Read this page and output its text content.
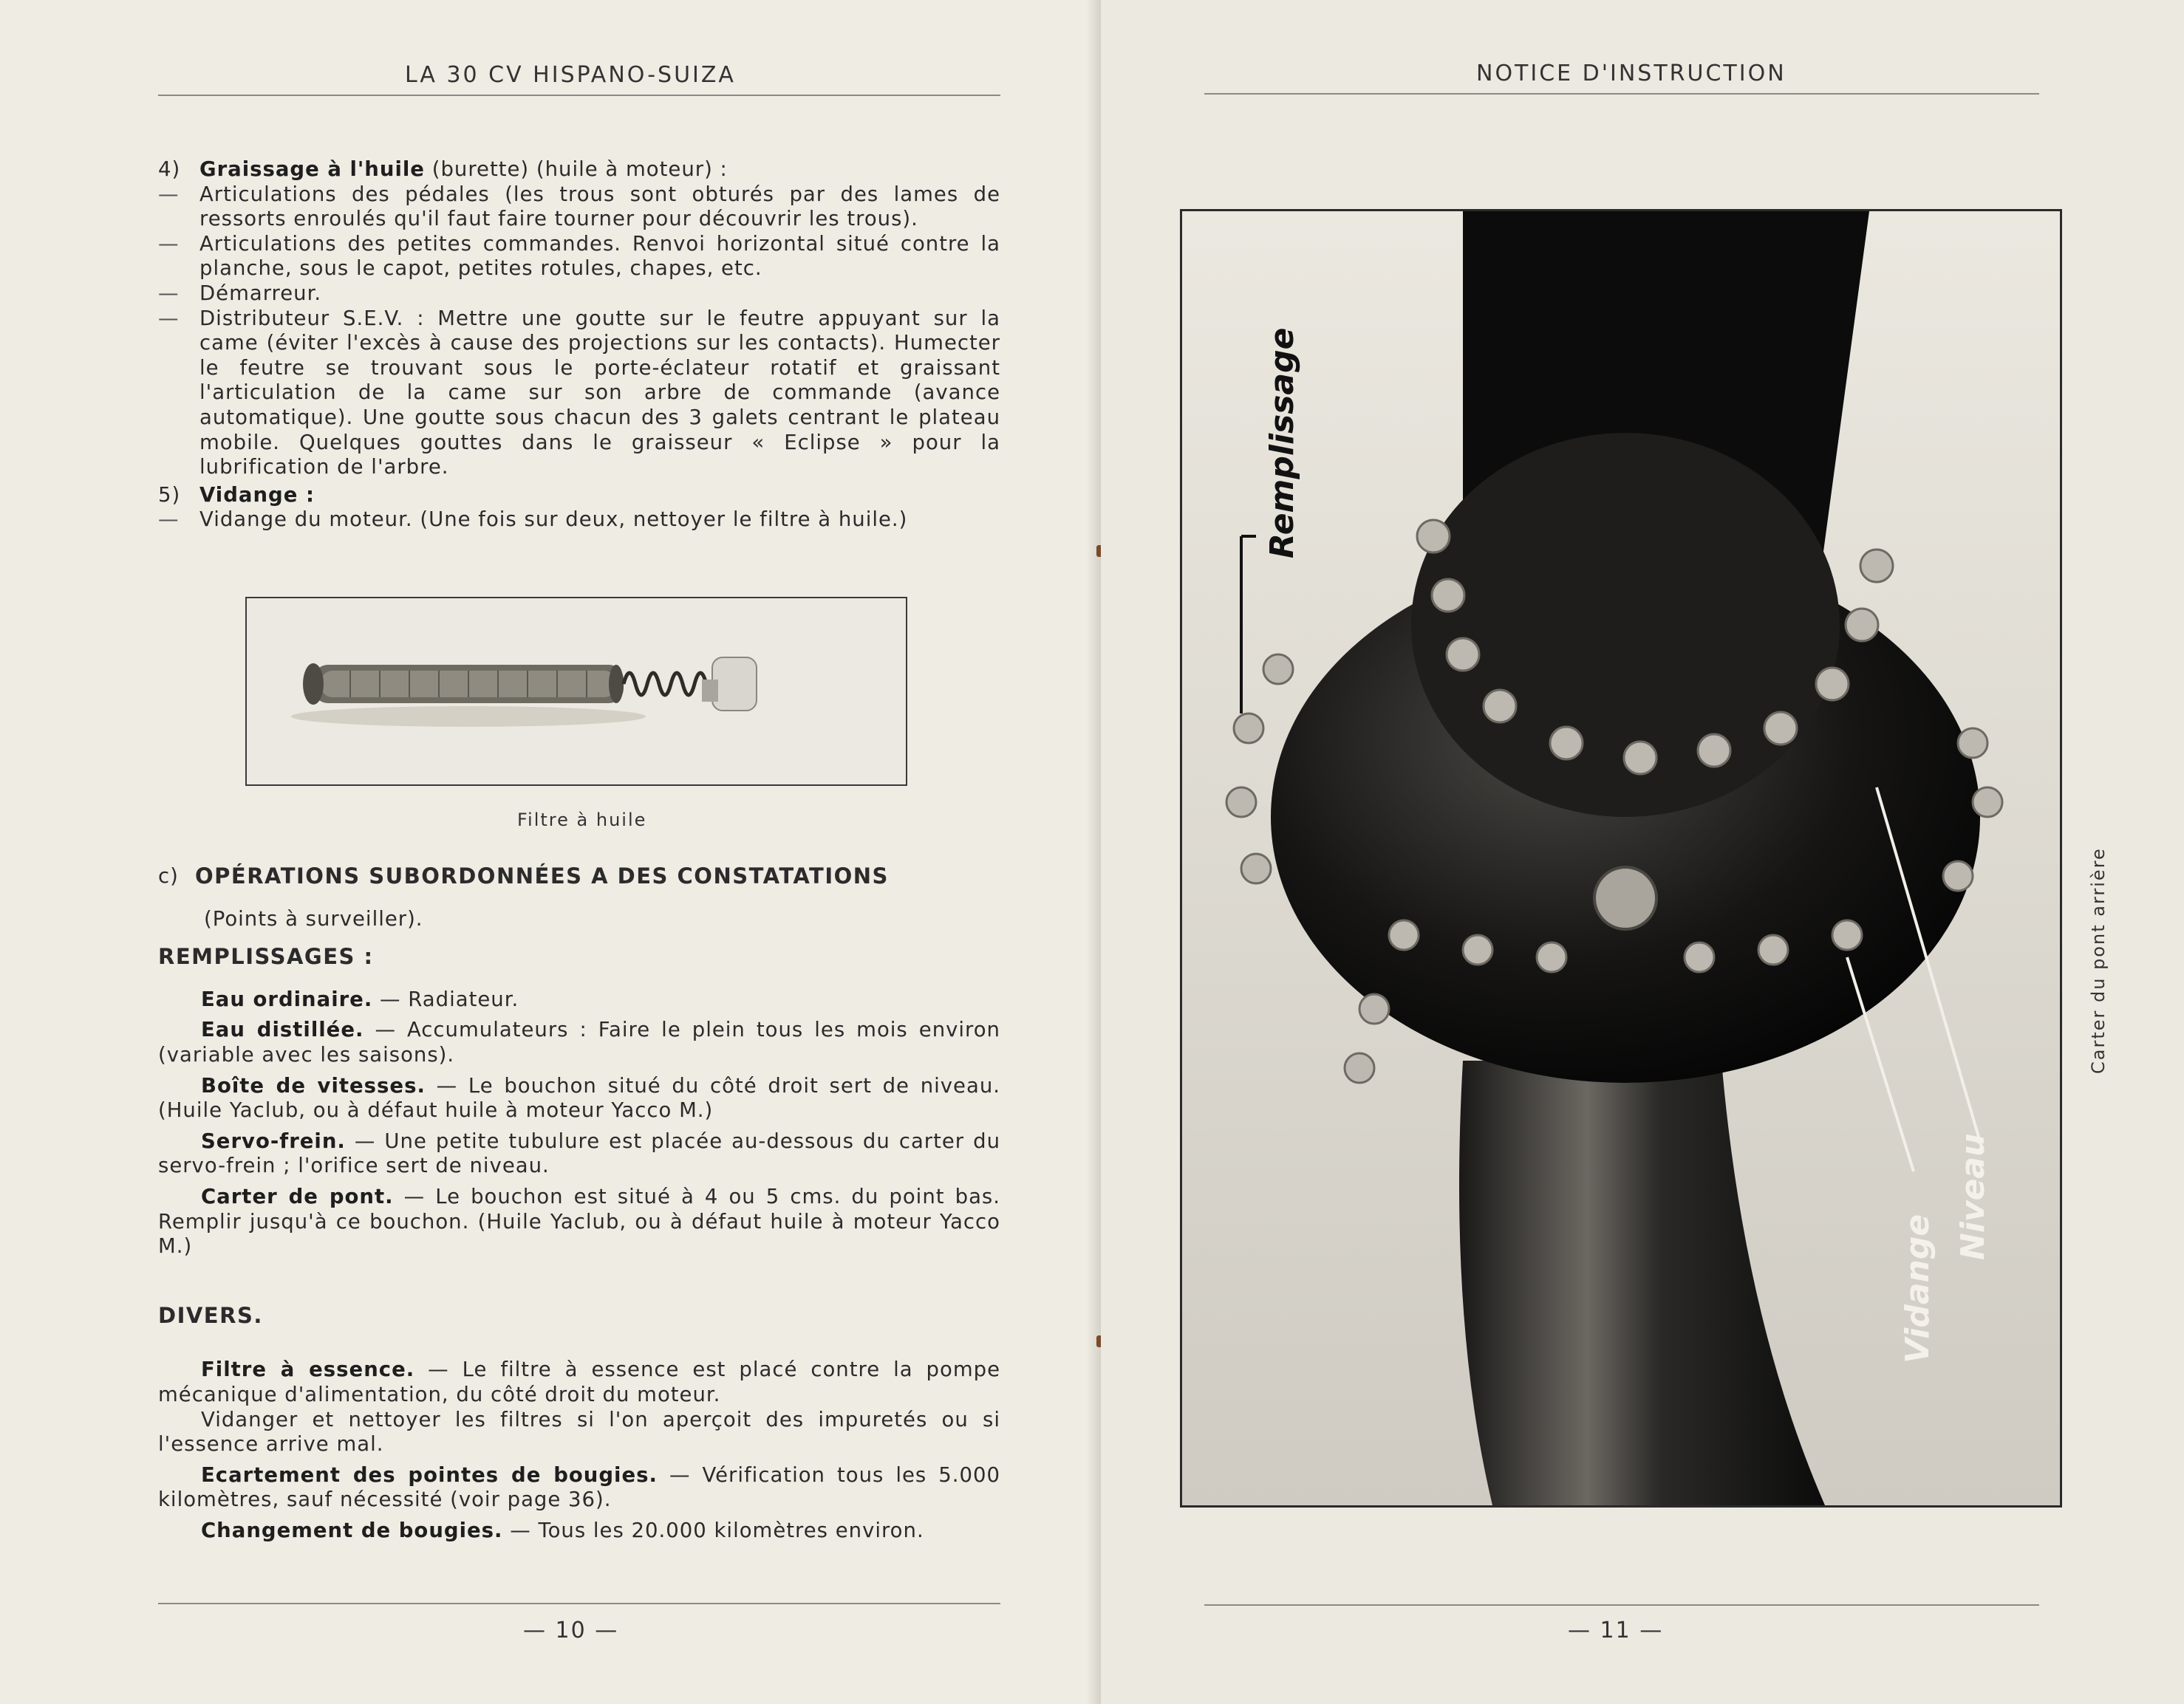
LA 30 CV HISPANO-SUIZA

4) Graissage à l'huile (burette) (huile à moteur) :

—	Articulations des pédales (les trous sont obturés par des lames de ressorts enroulés qu'il faut faire tourner pour découvrir les trous).

—	Articulations des petites commandes. Renvoi horizontal situé contre la planche, sous le capot, petites rotules, chapes, etc.

—	Démarreur.

—	Distributeur S.E.V. : Mettre une goutte sur le feutre appuyant sur la came (éviter l'excès à cause des projections sur les contacts). Humecter le feutre se trouvant sous le porte-éclateur rotatif et graissant l'articulation de la came sur son arbre de commande (avance automatique). Une goutte sous chacun des 3 galets centrant le plateau mobile. Quelques gouttes dans le graisseur « Eclipse » pour la lubrification de l'arbre.

5) Vidange :

—	Vidange du moteur. (Une fois sur deux, nettoyer le filtre à huile.)

Filtre à huile

c) OPÉRATIONS SUBORDONNÉES A DES CONSTATATIONS

(Points à surveiller).

REMPLISSAGES :

Eau ordinaire. — Radiateur.

Eau distillée. — Accumulateurs : Faire le plein tous les mois environ (variable avec les saisons).

Boîte de vitesses. — Le bouchon situé du côté droit sert de niveau. (Huile Yaclub, ou à défaut huile à moteur Yacco M.)

Servo-frein. — Une petite tubulure est placée au-dessous du carter du servo-frein ; l'orifice sert de niveau.

Carter de pont. — Le bouchon est situé à 4 ou 5 cms. du point bas. Remplir jusqu'à ce bouchon. (Huile Yaclub, ou à défaut huile à moteur Yacco M.)

DIVERS.

Filtre à essence. — Le filtre à essence est placé contre la pompe mécanique d'alimentation, du côté droit du moteur.

Vidanger et nettoyer les filtres si l'on aperçoit des impuretés ou si l'essence arrive mal.

Ecartement des pointes de bougies. — Vérification tous les 5.000 kilomètres, sauf nécessité (voir page 36).

Changement de bougies. — Tous les 20.000 kilomètres environ.

— 10 —
NOTICE D'INSTRUCTION
— 11 —
Remplissage
Vidange
Niveau
Carter du pont arrière
